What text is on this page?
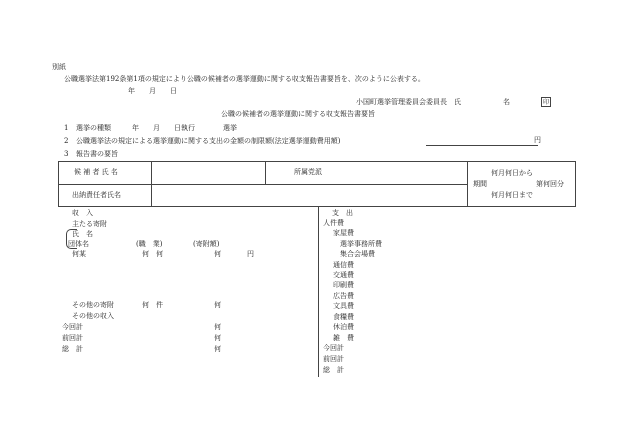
別紙
公職選挙法第192条第1項の規定により公職の候補者の選挙運動に関する収支報告書要旨を、次のように公表する。
年　　月　　日
小国町選挙管理委員会委員長　氏　　　　　　名	印
公職の候補者の選挙運動に関する収支報告書要旨
1 選挙の種類　　　年　　月　　日執行　　　　選挙
2 公職選挙法の規定による選挙運動に関する支出の金額の制限額(法定選挙運動費用額)	円
3 報告書の要旨
候 補 者 氏 名	所属党派
出納責任者氏名
期間
何月何日から
第何回分
何月何日まで
収　入
主たる寄附
氏　名
団体名	(職　業)	(寄附額)
何某	何　何	何	円
その他の寄附	何　件	何
その他の収入
今回計	何
前回計	何
総　計	何
支　出
人件費
家屋費
選挙事務所費
集合会場費
通信費
交通費
印刷費
広告費
文具費
食糧費
休泊費
雑　費
今回計
前回計
総　計
